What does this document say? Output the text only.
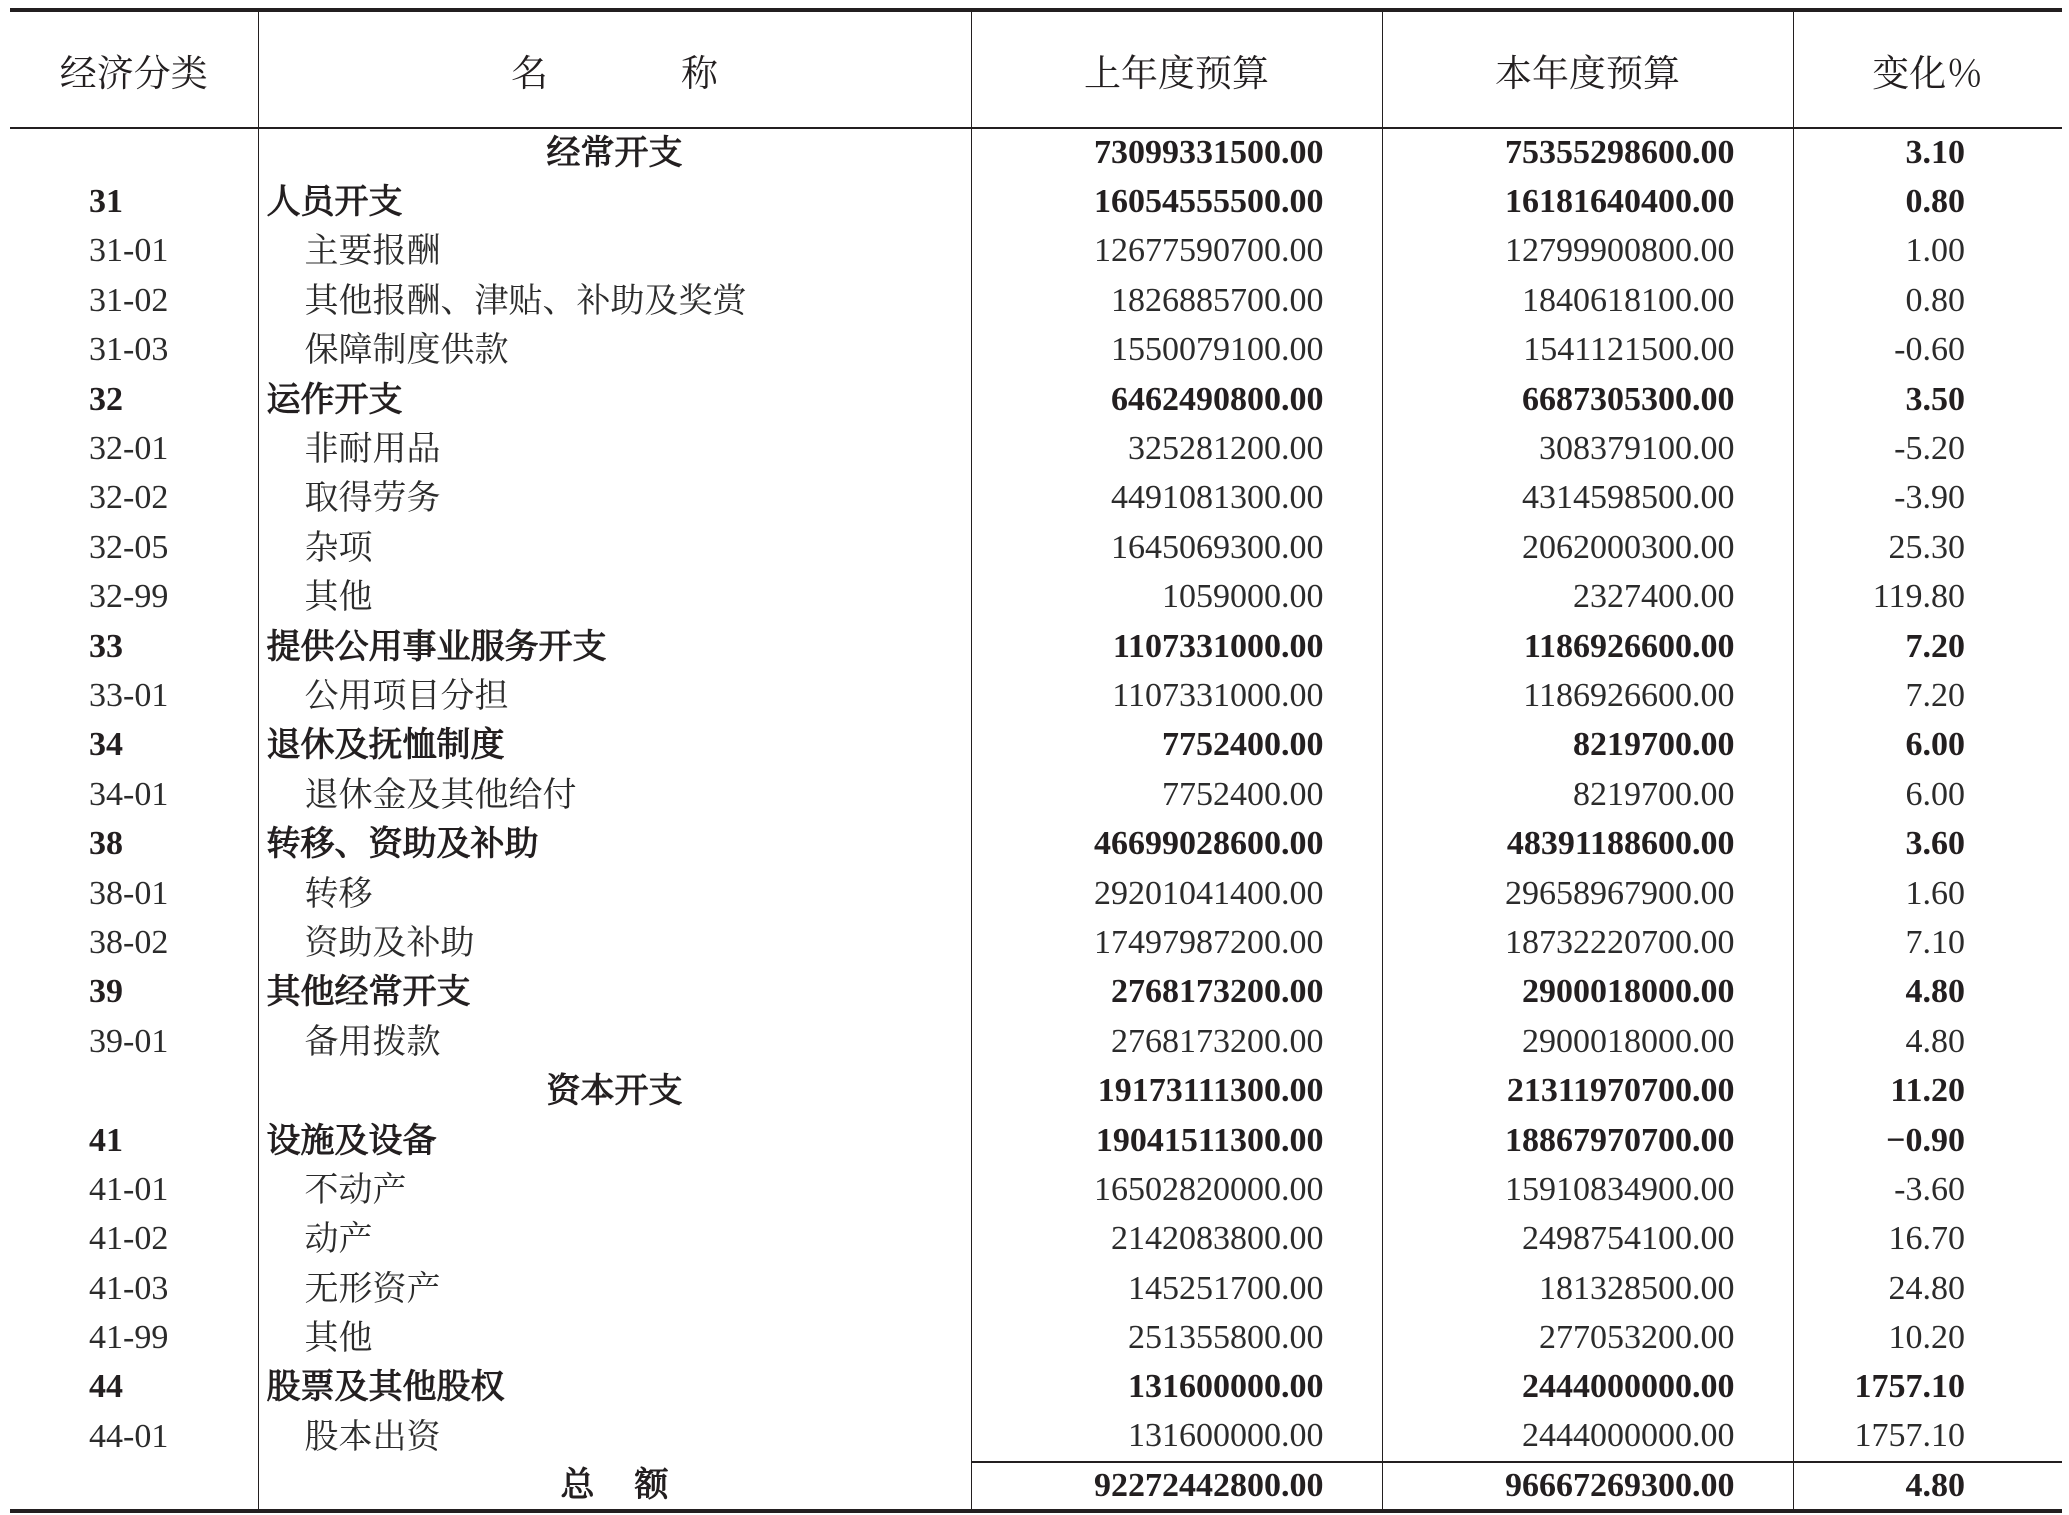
经济分类	名　称	上年度预算	本年度预算	变化％
	经常开支	73099331500.00	75355298600.00	3.10
31	人员开支	16054555500.00	16181640400.00	0.80
31-01	主要报酬	12677590700.00	12799900800.00	1.00
31-02	其他报酬、津贴、补助及奖赏	1826885700.00	1840618100.00	0.80
31-03	保障制度供款	1550079100.00	1541121500.00	-0.60
32	运作开支	6462490800.00	6687305300.00	3.50
32-01	非耐用品	325281200.00	308379100.00	-5.20
32-02	取得劳务	4491081300.00	4314598500.00	-3.90
32-05	杂项	1645069300.00	2062000300.00	25.30
32-99	其他	1059000.00	2327400.00	119.80
33	提供公用事业服务开支	1107331000.00	1186926600.00	7.20
33-01	公用项目分担	1107331000.00	1186926600.00	7.20
34	退休及抚恤制度	7752400.00	8219700.00	6.00
34-01	退休金及其他给付	7752400.00	8219700.00	6.00
38	转移、资助及补助	46699028600.00	48391188600.00	3.60
38-01	转移	29201041400.00	29658967900.00	1.60
38-02	资助及补助	17497987200.00	18732220700.00	7.10
39	其他经常开支	2768173200.00	2900018000.00	4.80
39-01	备用拨款	2768173200.00	2900018000.00	4.80
	资本开支	19173111300.00	21311970700.00	11.20
41	设施及设备	19041511300.00	18867970700.00	−0.90
41-01	不动产	16502820000.00	15910834900.00	-3.60
41-02	动产	2142083800.00	2498754100.00	16.70
41-03	无形资产	145251700.00	181328500.00	24.80
41-99	其他	251355800.00	277053200.00	10.20
44	股票及其他股权	131600000.00	2444000000.00	1757.10
44-01	股本出资	131600000.00	2444000000.00	1757.10
	总额	92272442800.00	96667269300.00	4.80
